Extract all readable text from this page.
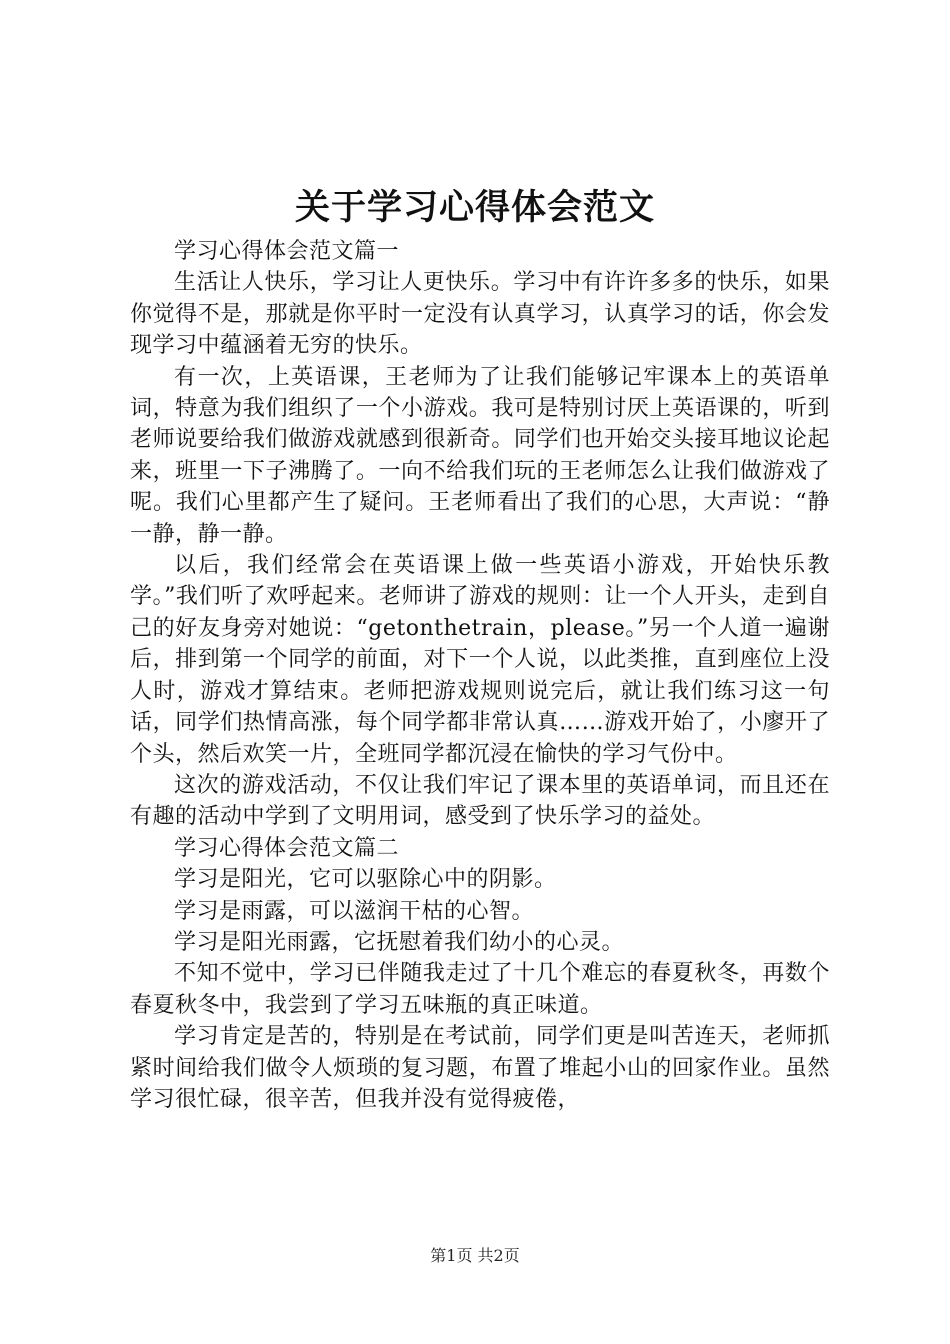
关于学习心得体会范文

学习心得体会范文篇一

生活让人快乐，学习让人更快乐。学习中有许许多多的快乐，如果你觉得不是，那就是你平时一定没有认真学习，认真学习的话，你会发现学习中蕴涵着无穷的快乐。

有一次，上英语课，王老师为了让我们能够记牢课本上的英语单词，特意为我们组织了一个小游戏。我可是特别讨厌上英语课的，听到老师说要给我们做游戏就感到很新奇。同学们也开始交头接耳地议论起来，班里一下子沸腾了。一向不给我们玩的王老师怎么让我们做游戏了呢。我们心里都产生了疑问。王老师看出了我们的心思，大声说：“静一静，静一静。

以后，我们经常会在英语课上做一些英语小游戏，开始快乐教学。”我们听了欢呼起来。老师讲了游戏的规则：让一个人开头，走到自己的好友身旁对她说：“getonthetrain，please。”另一个人道一遍谢后，排到第一个同学的前面，对下一个人说，以此类推，直到座位上没人时，游戏才算结束。老师把游戏规则说完后，就让我们练习这一句话，同学们热情高涨，每个同学都非常认真……游戏开始了，小廖开了个头，然后欢笑一片，全班同学都沉浸在愉快的学习气份中。

这次的游戏活动，不仅让我们牢记了课本里的英语单词，而且还在有趣的活动中学到了文明用词，感受到了快乐学习的益处。

学习心得体会范文篇二

学习是阳光，它可以驱除心中的阴影。

学习是雨露，可以滋润干枯的心智。

学习是阳光雨露，它抚慰着我们幼小的心灵。

不知不觉中，学习已伴随我走过了十几个难忘的春夏秋冬，再数个春夏秋冬中，我尝到了学习五味瓶的真正味道。

学习肯定是苦的，特别是在考试前，同学们更是叫苦连天，老师抓紧时间给我们做令人烦琐的复习题，布置了堆起小山的回家作业。虽然学习很忙碌，很辛苦，但我并没有觉得疲倦，

第1页 共2页
